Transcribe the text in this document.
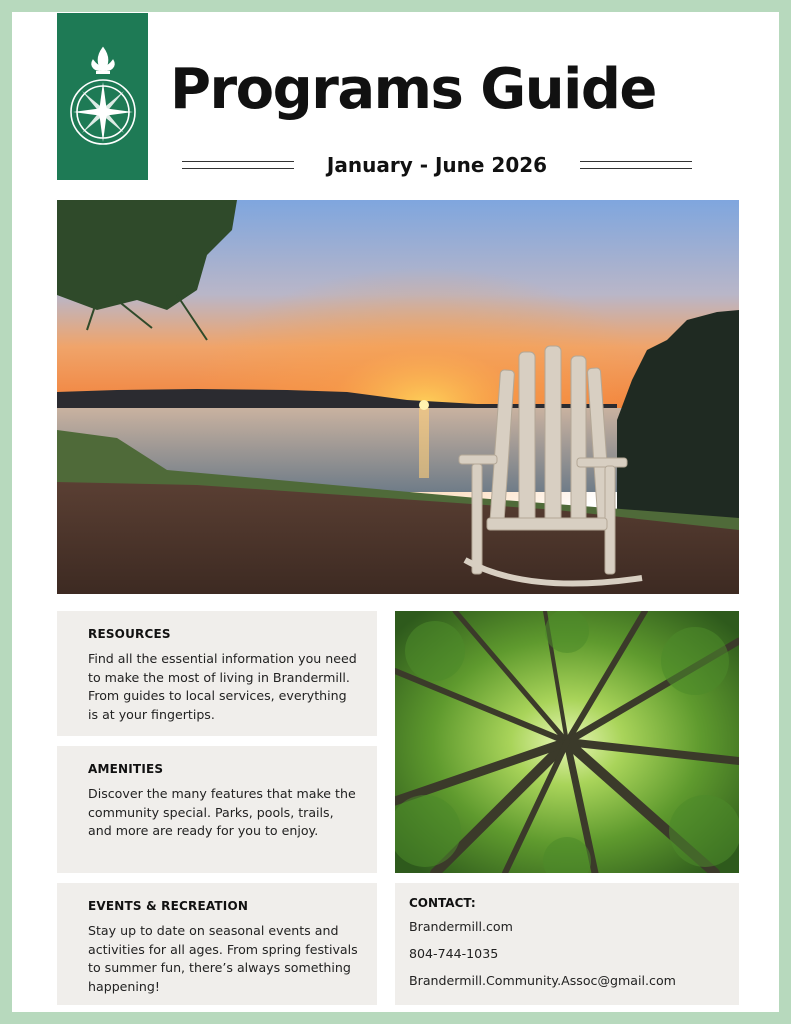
Programs Guide
January - June 2026
RESOURCES

Find all the essential information you need to make the most of living in Brandermill. From guides to local services, everything is at your fingertips.

AMENITIES

Discover the many features that make the community special. Parks, pools, trails, and more are ready for you to enjoy.

EVENTS & RECREATION

Stay up to date on seasonal events and activities for all ages. From spring festivals to summer fun, there’s always something happening!

CONTACT:
Brandermill.com
804-744-1035
Brandermill.Community.Assoc@gmail.com
